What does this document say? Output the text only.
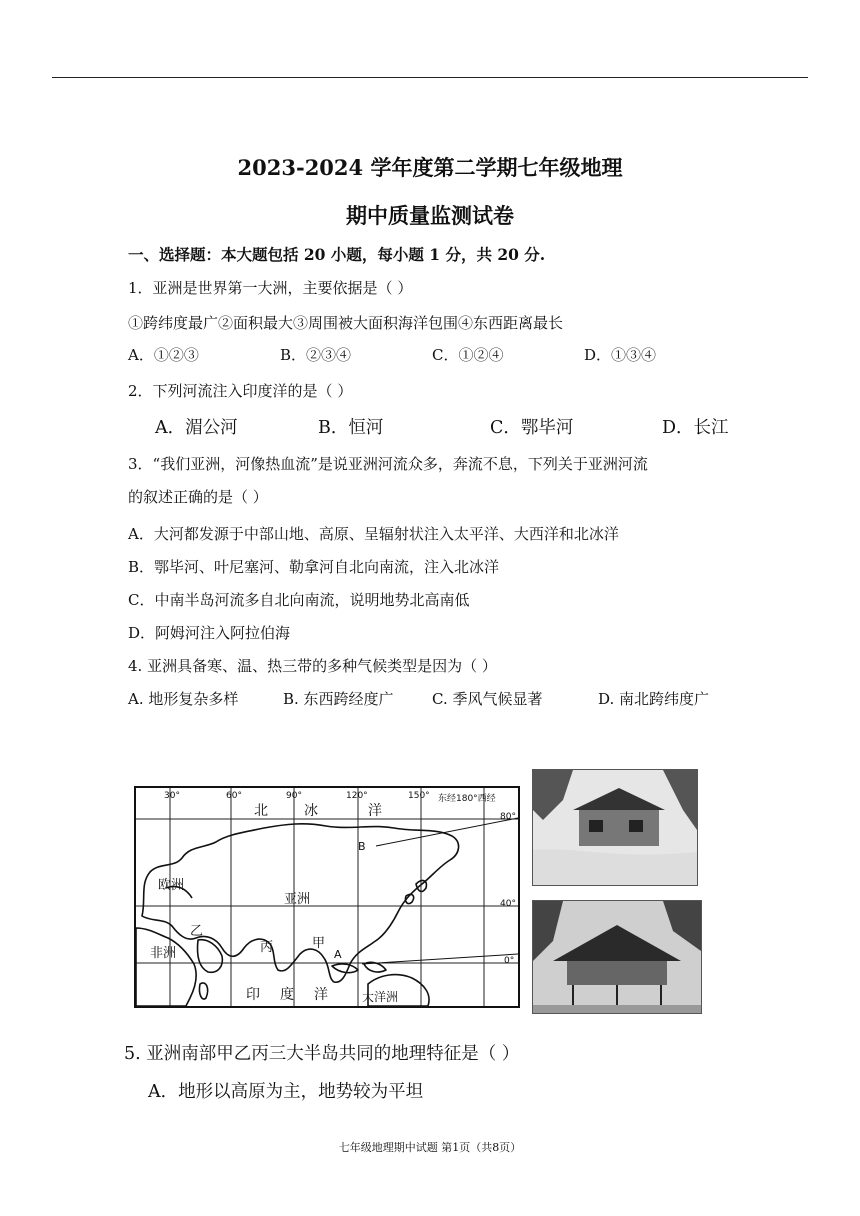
2023-2024 学年度第二学期七年级地理
期中质量监测试卷
一、选择题：本大题包括 20 小题，每小题 1 分，共 20 分.
1．亚洲是世界第一大洲，主要依据是（ ）
①跨纬度最广②面积最大③周围被大面积海洋包围④东西距离最长
A．①②③	B．②③④	C．①②④	D．①③④
2．下列河流注入印度洋的是（ ）
A．湄公河	B．恒河	C．鄂毕河	D．长江
3．“我们亚洲，河像热血流”是说亚洲河流众多，奔流不息，下列关于亚洲河流
的叙述正确的是（ ）
A．大河都发源于中部山地、高原、呈辐射状注入太平洋、大西洋和北冰洋
B．鄂毕河、叶尼塞河、勒拿河自北向南流，注入北冰洋
C．中南半岛河流多自北向南流，说明地势北高南低
D．阿姆河注入阿拉伯海
4. 亚洲具备寒、温、热三带的多种气候类型是因为（ ）
A. 地形复杂多样	B. 东西跨经度广	C. 季风气候显著	D. 南北跨纬度广
30°	60°	90°	120°	150° 东经180°西经
80°
40°
0°
北	冰	洋
印 度 洋
欧洲
亚洲
非洲
大洋洲
甲
乙
丙	A
B
5. 亚洲南部甲乙丙三大半岛共同的地理特征是（ ）
A．地形以高原为主，地势较为平坦
七年级地理期中试题 第1页（共8页）
